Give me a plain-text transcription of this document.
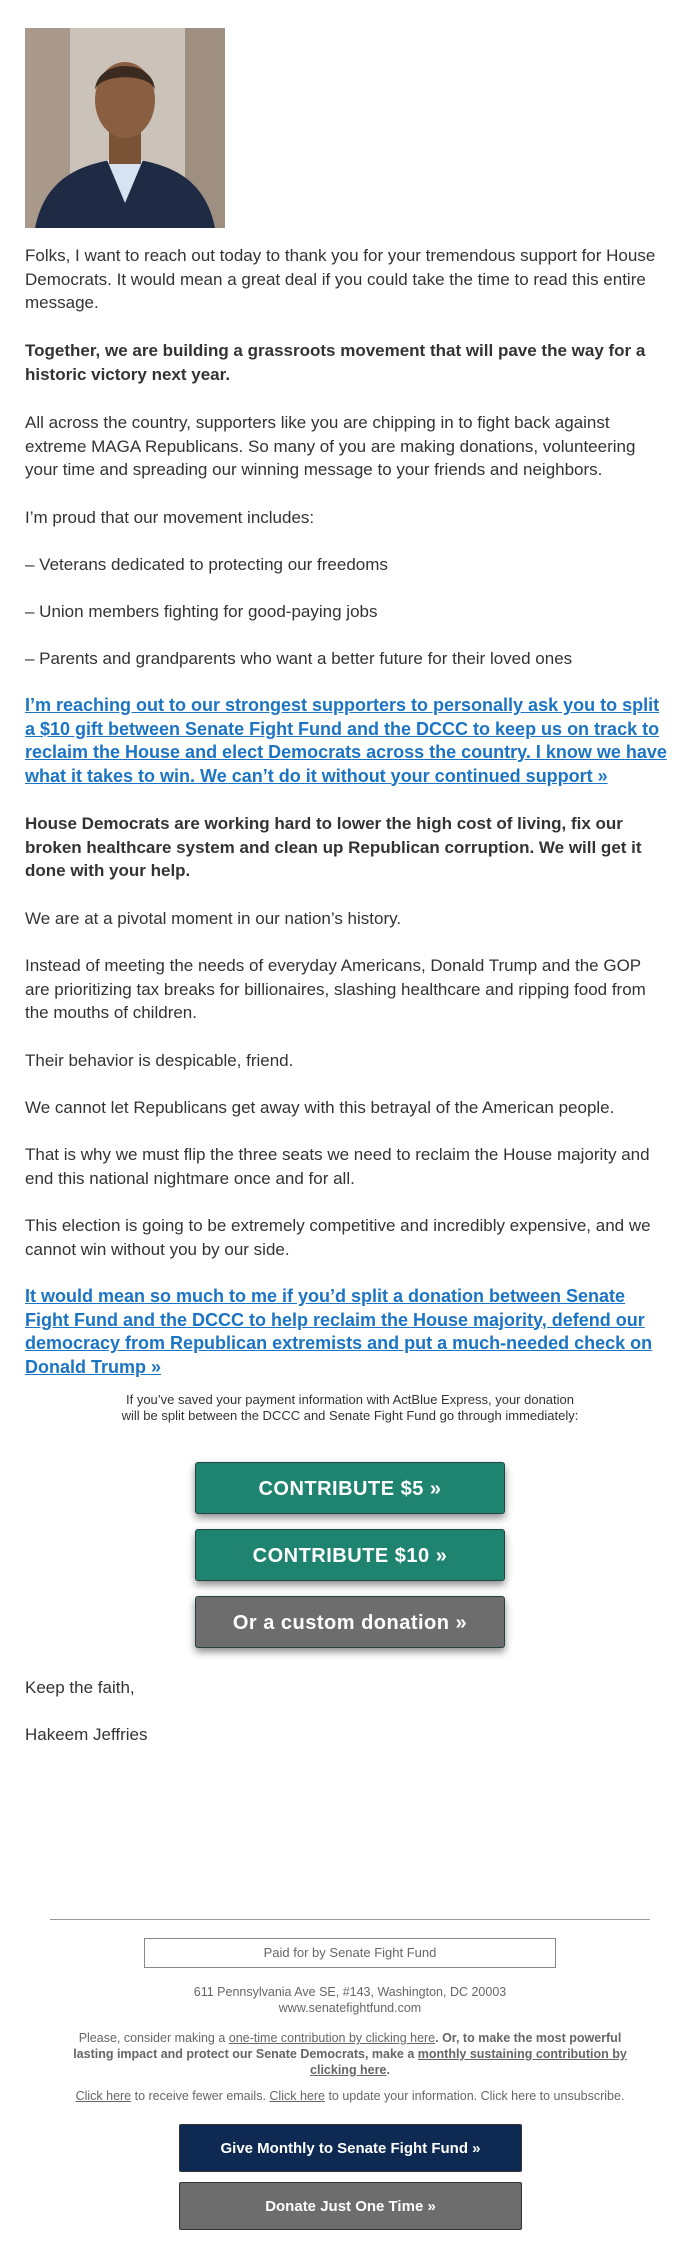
Folks, I want to reach out today to thank you for your tremendous support for House Democrats. It would mean a great deal if you could take the time to read this entire message.

Together, we are building a grassroots movement that will pave the way for a historic victory next year.

All across the country, supporters like you are chipping in to fight back against extreme MAGA Republicans. So many of you are making donations, volunteering your time and spreading our winning message to your friends and neighbors.

I’m proud that our movement includes:

– Veterans dedicated to protecting our freedoms

– Union members fighting for good-paying jobs

– Parents and grandparents who want a better future for their loved ones

I’m reaching out to our strongest supporters to personally ask you to split a $10 gift between Senate Fight Fund and the DCCC to keep us on track to reclaim the House and elect Democrats across the country. I know we have what it takes to win. We can’t do it without your continued support »

House Democrats are working hard to lower the high cost of living, fix our broken healthcare system and clean up Republican corruption. We will get it done with your help.

We are at a pivotal moment in our nation’s history.

Instead of meeting the needs of everyday Americans, Donald Trump and the GOP are prioritizing tax breaks for billionaires, slashing healthcare and ripping food from the mouths of children.

Their behavior is despicable, friend.

We cannot let Republicans get away with this betrayal of the American people.

That is why we must flip the three seats we need to reclaim the House majority and end this national nightmare once and for all.

This election is going to be extremely competitive and incredibly expensive, and we cannot win without you by our side.

It would mean so much to me if you’d split a donation between Senate Fight Fund and the DCCC to help reclaim the House majority, defend our democracy from Republican extremists and put a much-needed check on Donald Trump »

If you’ve saved your payment information with ActBlue Express, your donation will be split between the DCCC and Senate Fight Fund go through immediately:

CONTRIBUTE $5 »
CONTRIBUTE $10 »
Or a custom donation »

Keep the faith,

Hakeem Jeffries

Paid for by Senate Fight Fund

611 Pennsylvania Ave SE, #143, Washington, DC 20003

www.senatefightfund.com

Please, consider making a one-time contribution by clicking here. Or, to make the most powerful lasting impact and protect our Senate Democrats, make a monthly sustaining contribution by clicking here.

Click here to receive fewer emails. Click here to update your information. Click here to unsubscribe.

Give Monthly to Senate Fight Fund »
Donate Just One Time »
